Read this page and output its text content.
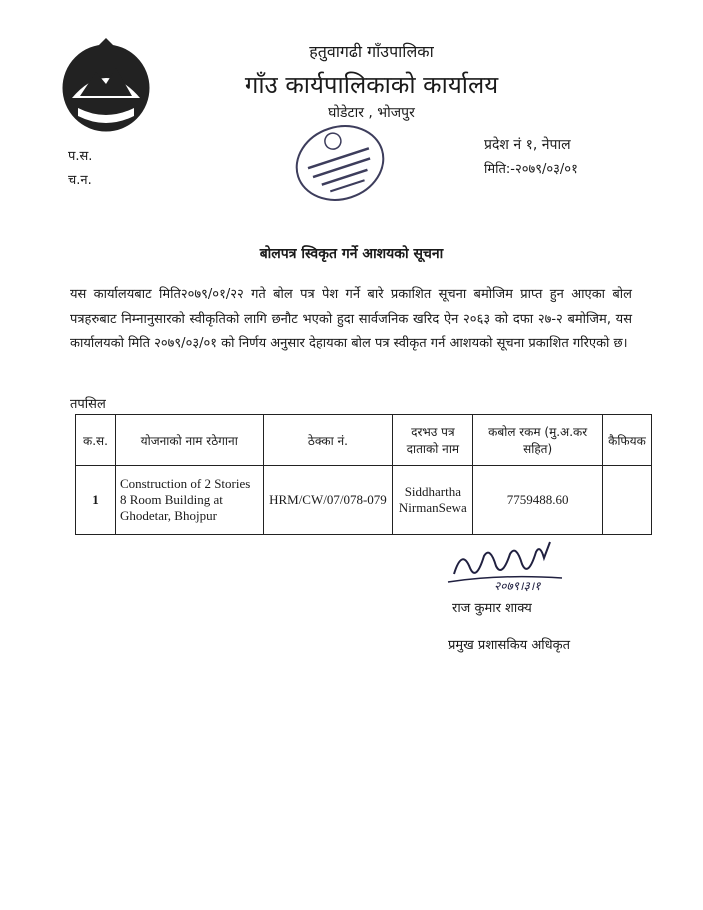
हतुवागढी गाँउपालिका
गाँउ कार्यपालिकाको कार्यालय
घोडेटार , भोजपुर
प.स.
च.न.
प्रदेश नं १, नेपाल
मिति:-२०७९/०३/०१
बोलपत्र स्विकृत गर्ने आशयको सूचना
यस कार्यालयबाट मिति२०७९/०१/२२ गते बोल पत्र पेश गर्ने बारे प्रकाशित सूचना बमोजिम प्राप्त हुन आएका बोल पत्रहरुबाट निम्नानुसारको स्वीकृतिको लागि छनौट भएको हुदा सार्वजनिक खरिद ऐन २०६३ को दफा २७-२ बमोजिम, यस कार्यालयको मिति २०७९/०३/०१ को निर्णय अनुसार देहायका बोल पत्र स्वीकृत गर्न आशयको सूचना प्रकाशित गरिएको छ।
तपसिल
क.स.	योजनाको नाम रठेगाना	ठेक्का नं.	दरभउ पत्र दाताको नाम	कबोल रकम (मु.अ.कर सहित)	कैफियक
1	Construction of 2 Stories 8 Room Building at Ghodetar, Bhojpur	HRM/CW/07/078-079	Siddhartha NirmanSewa	7759488.60	
२०७९।३।१
राज कुमार शाक्य
प्रमुख प्रशासकिय अधिकृत
